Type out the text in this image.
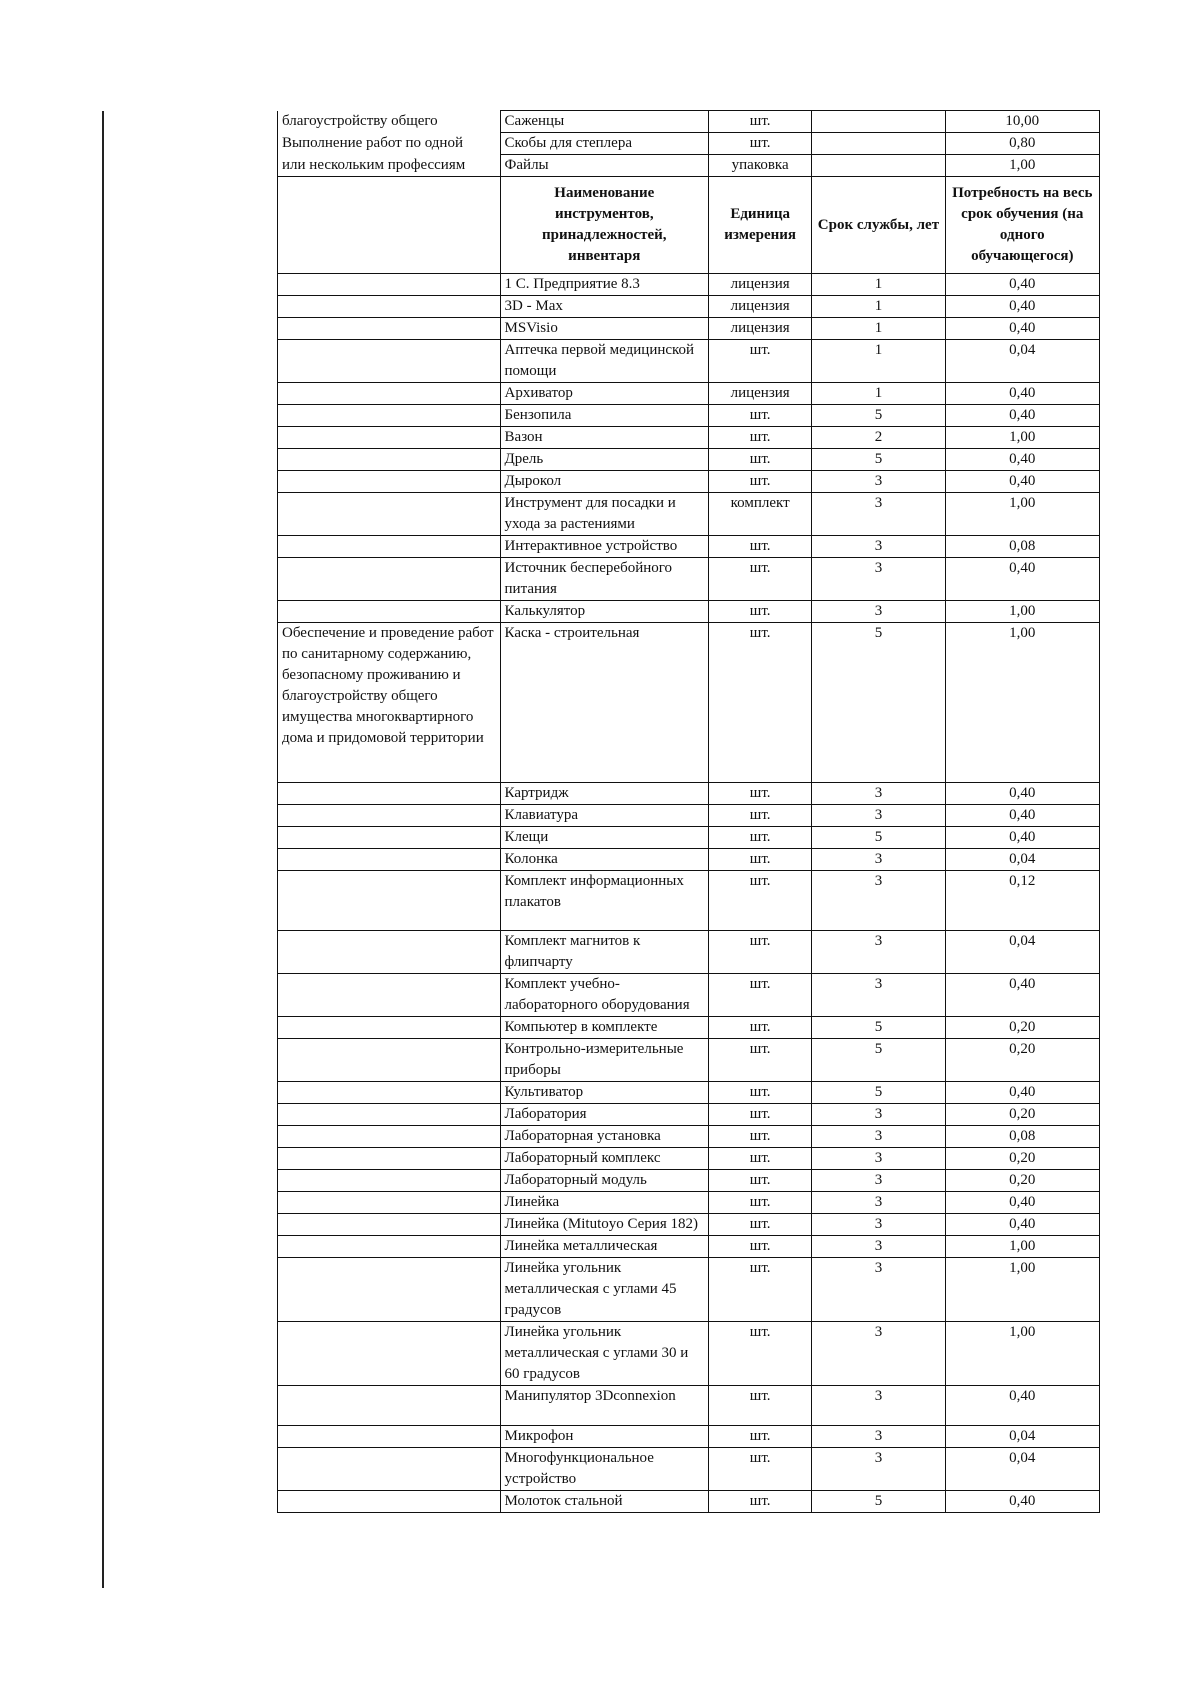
благоустройству общего	Саженцы	шт.		10,00
Выполнение работ по одной	Скобы для степлера	шт.		0,80
или нескольким профессиям	Файлы	упаковка		1,00
	Наименование инструментов, принадлежностей, инвентаря	Единица измерения	Срок службы, лет	Потребность на весь срок обучения (на одного обучающегося)
	1 С. Предприятие 8.3	лицензия	1	0,40
	3D - Max	лицензия	1	0,40
	MSVisio	лицензия	1	0,40
	Аптечка первой медицинской помощи	шт.	1	0,04
	Архиватор	лицензия	1	0,40
	Бензопила	шт.	5	0,40
	Вазон	шт.	2	1,00
	Дрель	шт.	5	0,40
	Дырокол	шт.	3	0,40
	Инструмент для посадки и ухода за растениями	комплект	3	1,00
	Интерактивное устройство	шт.	3	0,08
	Источник бесперебойного питания	шт.	3	0,40
	Калькулятор	шт.	3	1,00
Обеспечение и проведение работ по санитарному содержанию, безопасному проживанию и благоустройству общего имущества многоквартирного дома и придомовой территории	Каска - строительная	шт.	5	1,00
	Картридж	шт.	3	0,40
	Клавиатура	шт.	3	0,40
	Клещи	шт.	5	0,40
	Колонка	шт.	3	0,04
	Комплект информационных плакатов	шт.	3	0,12
	Комплект магнитов к флипчарту	шт.	3	0,04
	Комплект учебно-лабораторного оборудования	шт.	3	0,40
	Компьютер в комплекте	шт.	5	0,20
	Контрольно-измерительные приборы	шт.	5	0,20
	Культиватор	шт.	5	0,40
	Лаборатория	шт.	3	0,20
	Лабораторная установка	шт.	3	0,08
	Лабораторный комплекс	шт.	3	0,20
	Лабораторный модуль	шт.	3	0,20
	Линейка	шт.	3	0,40
	Линейка (Mitutoyo Серия 182)	шт.	3	0,40
	Линейка металлическая	шт.	3	1,00
	Линейка угольник металлическая с углами 45 градусов	шт.	3	1,00
	Линейка угольник металлическая с углами 30 и 60 градусов	шт.	3	1,00
	Манипулятор 3Dconnexion	шт.	3	0,40
	Микрофон	шт.	3	0,04
	Многофункциональное устройство	шт.	3	0,04
	Молоток стальной	шт.	5	0,40
